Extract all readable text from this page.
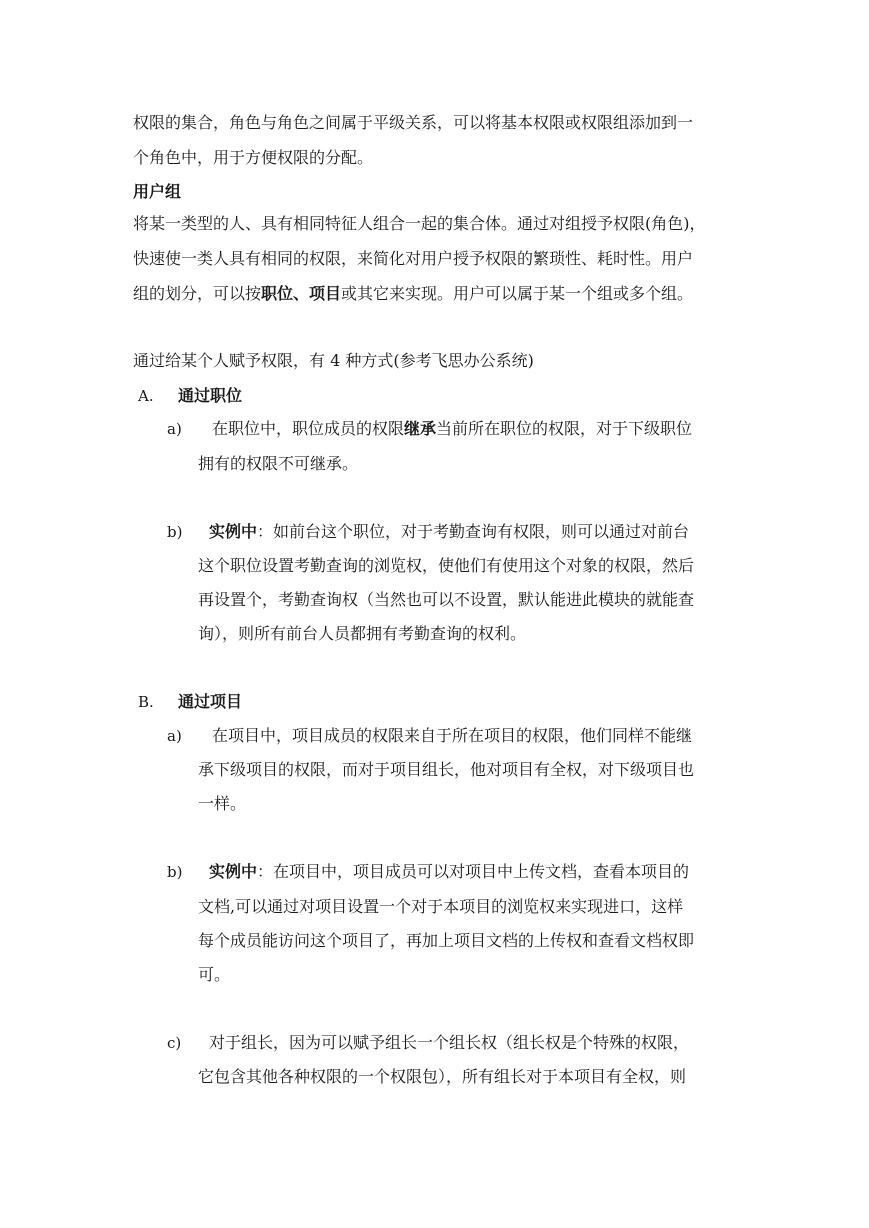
权限的集合，角色与角色之间属于平级关系，可以将基本权限或权限组添加到一
个角色中，用于方便权限的分配。
用户组
将某一类型的人、具有相同特征人组合一起的集合体。通过对组授予权限(角色)，
快速使一类人具有相同的权限，来简化对用户授予权限的繁琐性、耗时性。用户
组的划分，可以按职位、项目或其它来实现。用户可以属于某一个组或多个组。
通过给某个人赋予权限，有 4 种方式(参考飞思办公系统)
A. 通过职位
a) 在职位中，职位成员的权限继承当前所在职位的权限，对于下级职位
拥有的权限不可继承。
b) 实例中：如前台这个职位，对于考勤查询有权限，则可以通过对前台
这个职位设置考勤查询的浏览权，使他们有使用这个对象的权限，然后
再设置个，考勤查询权（当然也可以不设置，默认能进此模块的就能查
询），则所有前台人员都拥有考勤查询的权利。
B. 通过项目
a) 在项目中，项目成员的权限来自于所在项目的权限，他们同样不能继
承下级项目的权限，而对于项目组长，他对项目有全权，对下级项目也
一样。
b) 实例中：在项目中，项目成员可以对项目中上传文档，查看本项目的
文档,可以通过对项目设置一个对于本项目的浏览权来实现进口，这样
每个成员能访问这个项目了，再加上项目文档的上传权和查看文档权即
可。
c) 对于组长，因为可以赋予组长一个组长权（组长权是个特殊的权限，
它包含其他各种权限的一个权限包），所有组长对于本项目有全权，则
